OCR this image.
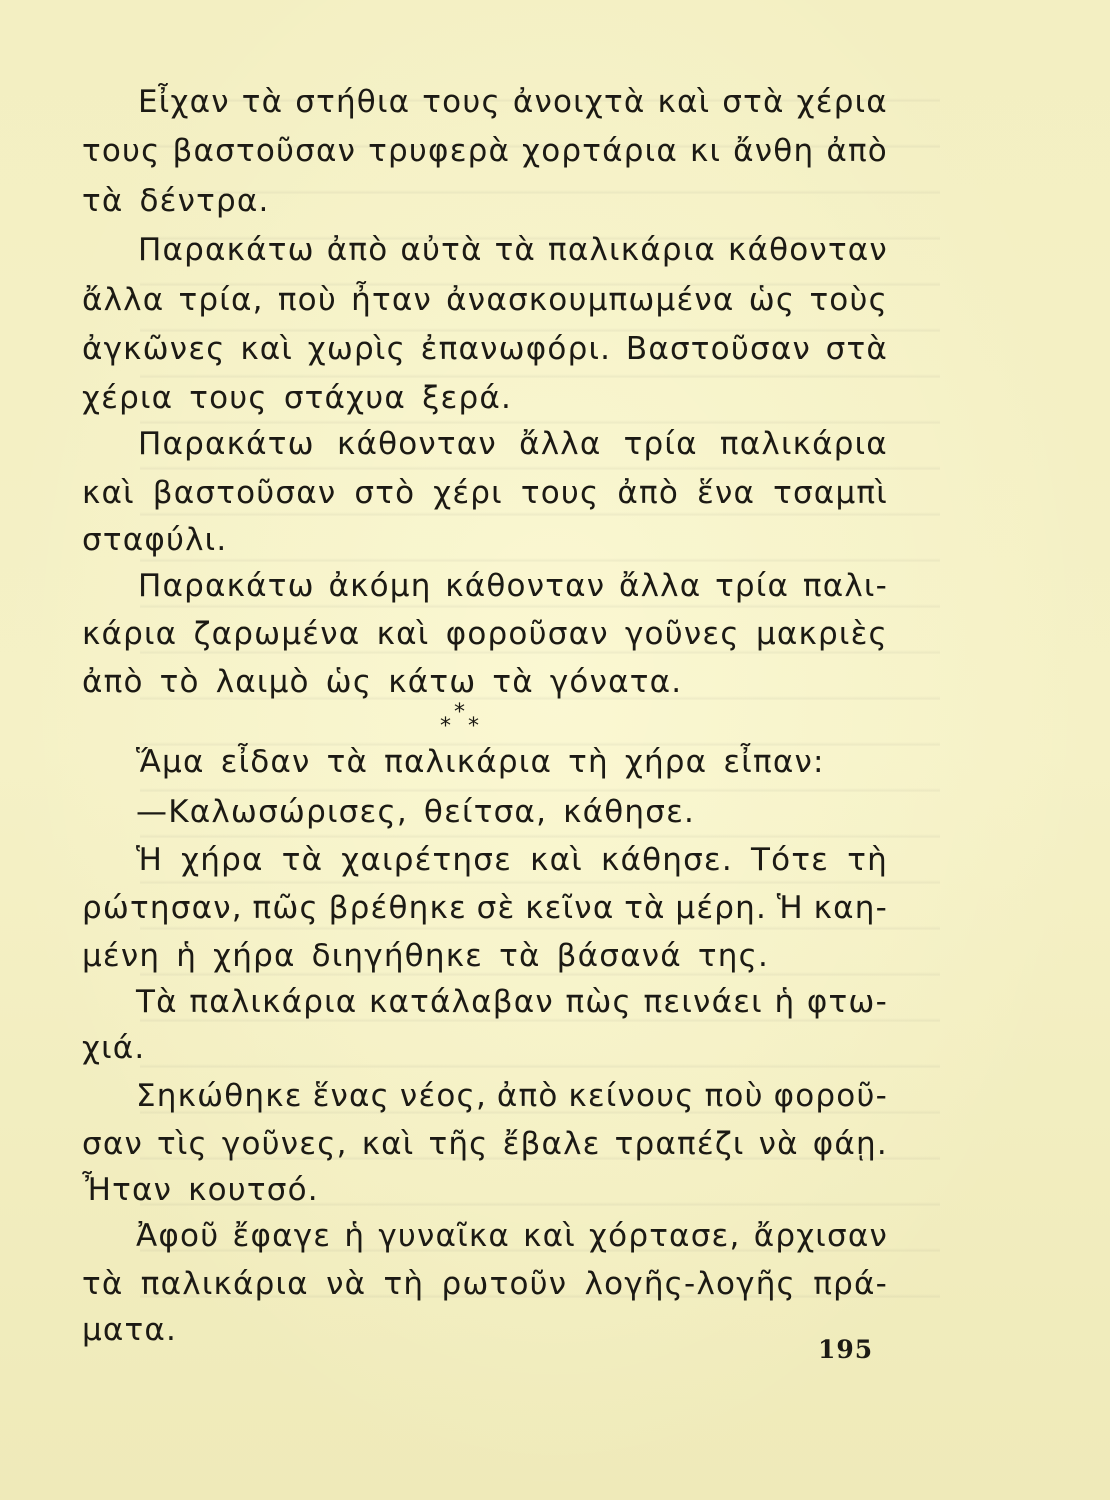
Εἶχαν τὰ στήθια τους ἀνοιχτὰ καὶ στὰ χέρια
τους βαστοῦσαν τρυφερὰ χορτάρια κι ἄνθη ἀπὸ
τὰ δέντρα.
Παρακάτω ἀπὸ αὐτὰ τὰ παλικάρια κάθονταν
ἄλλα τρία, ποὺ ἦταν ἀνασκουμπωμένα ὡς τοὺς
ἀγκῶνες καὶ χωρὶς ἐπανωφόρι. Βαστοῦσαν στὰ
χέρια τους στάχυα ξερά.
Παρακάτω κάθονταν ἄλλα τρία παλικάρια
καὶ βαστοῦσαν στὸ χέρι τους ἀπὸ ἕνα τσαμπὶ
σταφύλι.
Παρακάτω ἀκόμη κάθονταν ἄλλα τρία παλι-
κάρια ζαρωμένα καὶ φοροῦσαν γοῦνες μακριὲς
ἀπὸ τὸ λαιμὸ ὡς κάτω τὰ γόνατα.
Ἅμα εἶδαν τὰ παλικάρια τὴ χήρα εἶπαν:
—Καλωσώρισες, θείτσα, κάθησε.
Ἡ χήρα τὰ χαιρέτησε καὶ κάθησε. Τότε τὴ
ρώτησαν, πῶς βρέθηκε σὲ κεῖνα τὰ μέρη. Ἡ καη-
μένη ἡ χήρα διηγήθηκε τὰ βάσανά της.
Τὰ παλικάρια κατάλαβαν πὼς πεινάει ἡ φτω-
χιά.
Σηκώθηκε ἕνας νέος, ἀπὸ κείνους ποὺ φοροῦ-
σαν τὶς γοῦνες, καὶ τῆς ἔβαλε τραπέζι νὰ φάῃ.
Ἦταν κουτσό.
Ἀφοῦ ἔφαγε ἡ γυναῖκα καὶ χόρτασε, ἄρχισαν
τὰ παλικάρια νὰ τὴ ρωτοῦν λογῆς-λογῆς πρά-
ματα.
*
* *
195
